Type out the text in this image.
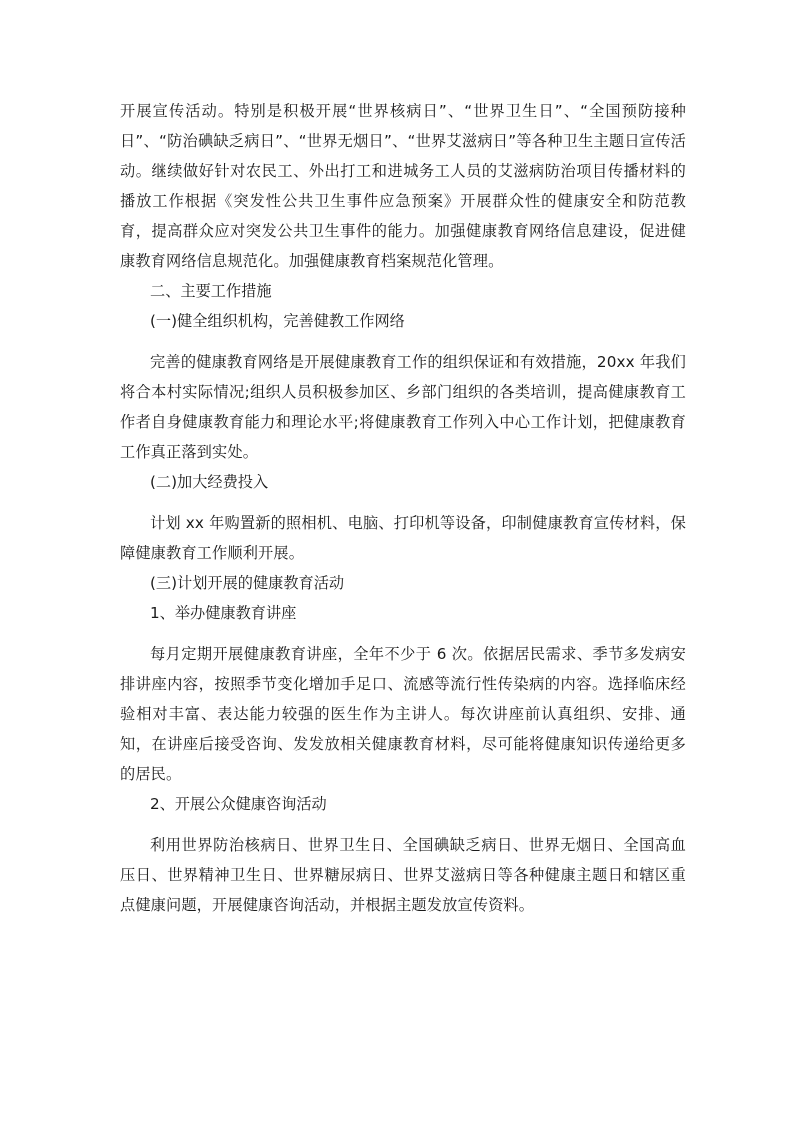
开展宣传活动。特别是积极开展“世界核病日”、“世界卫生日”、“全国预防接种日”、“防治碘缺乏病日”、“世界无烟日”、“世界艾滋病日”等各种卫生主题日宣传活动。继续做好针对农民工、外出打工和进城务工人员的艾滋病防治项目传播材料的播放工作根据《突发性公共卫生事件应急预案》开展群众性的健康安全和防范教育，提高群众应对突发公共卫生事件的能力。加强健康教育网络信息建设，促进健康教育网络信息规范化。加强健康教育档案规范化管理。

二、主要工作措施

(一)健全组织机构，完善健教工作网络

完善的健康教育网络是开展健康教育工作的组织保证和有效措施，20xx 年我们将合本村实际情况;组织人员积极参加区、乡部门组织的各类培训，提高健康教育工作者自身健康教育能力和理论水平;将健康教育工作列入中心工作计划，把健康教育工作真正落到实处。

(二)加大经费投入

计划 xx 年购置新的照相机、电脑、打印机等设备，印制健康教育宣传材料，保障健康教育工作顺利开展。

(三)计划开展的健康教育活动

1、举办健康教育讲座

每月定期开展健康教育讲座，全年不少于 6 次。依据居民需求、季节多发病安排讲座内容，按照季节变化增加手足口、流感等流行性传染病的内容。选择临床经验相对丰富、表达能力较强的医生作为主讲人。每次讲座前认真组织、安排、通知，在讲座后接受咨询、发发放相关健康教育材料，尽可能将健康知识传递给更多的居民。

2、开展公众健康咨询活动

利用世界防治核病日、世界卫生日、全国碘缺乏病日、世界无烟日、全国高血压日、世界精神卫生日、世界糖尿病日、世界艾滋病日等各种健康主题日和辖区重点健康问题，开展健康咨询活动，并根据主题发放宣传资料。
